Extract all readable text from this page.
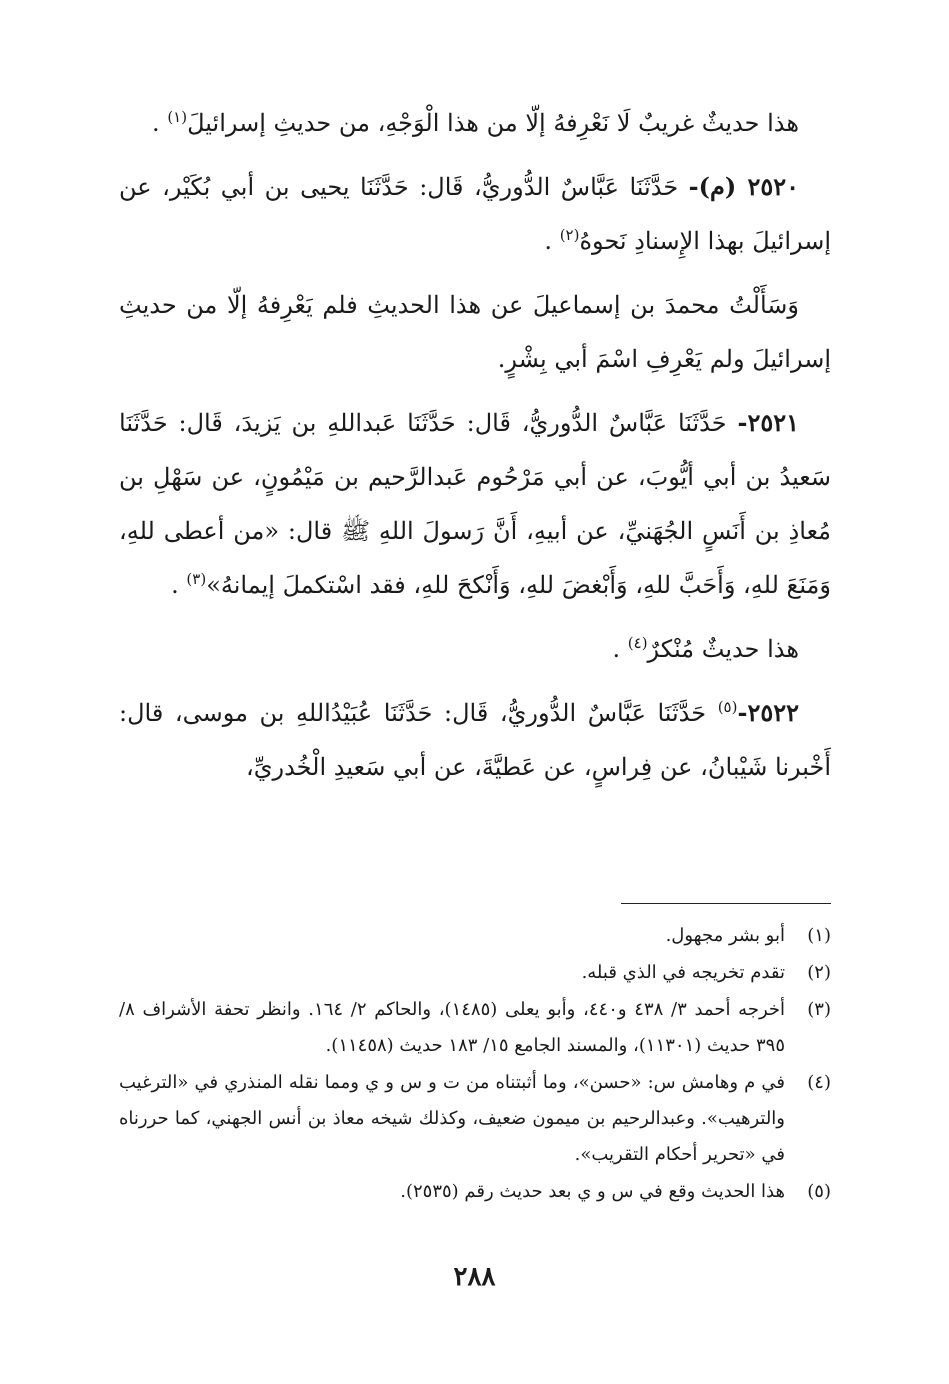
هذا حديثٌ غريبٌ لَا نَعْرِفهُ إلّا من هذا الْوَجْهِ، من حديثِ إسرائيلَ$^{(١)}$ .

٢٥٢٠ (م)- حَدَّثَنَا عَبَّاسٌ الدُّوريُّ، قَال: حَدَّثَنَا يحيى بن أبي بُكَيْر، عن إسرائيلَ بهذا الإِسنادِ نَحوهُ$^{(٢)}$ .

وَسَأَلْتُ محمدَ بن إسماعيلَ عن هذا الحديثِ فلم يَعْرِفهُ إلّا من حديثِ إسرائيلَ ولم يَعْرِفِ اسْمَ أبي بِشْرٍ.

٢٥٢١- حَدَّثَنَا عَبَّاسٌ الدُّوريُّ، قَال: حَدَّثَنَا عَبداللهِ بن يَزيدَ، قَال: حَدَّثَنَا سَعيدُ بن أبي أيُّوبَ، عن أبي مَرْحُوم عَبدالرَّحيم بن مَيْمُونٍ، عن سَهْلِ بن مُعاذِ بن أَنَسٍ الجُهَنيِّ، عن أبيهِ، أَنَّ رَسولَ اللهِ ﷺ قال: «من أعطى للهِ، وَمَنَعَ للهِ، وَأَحَبَّ للهِ، وَأَبْغضَ للهِ، وَأَنْكحَ للهِ، فقد اسْتكملَ إيمانهُ»$^{(٣)}$ .

هذا حديثٌ مُنْكرٌ$^{(٤)}$ .

٢٥٢٢-$^{(٥)}$ حَدَّثَنَا عَبَّاسٌ الدُّوريُّ، قَال: حَدَّثَنَا عُبَيْدُاللهِ بن موسى، قال: أَخْبرنا شَيْبانُ، عن فِراسٍ، عن عَطيَّةَ، عن أبي سَعيدِ الْخُدريِّ،

(١)
أبو بشر مجهول.
(٢)
تقدم تخريجه في الذي قبله.
(٣)
أخرجه أحمد ٣/ ٤٣٨ و٤٤٠، وأبو يعلى (١٤٨٥)، والحاكم ٢/ ١٦٤. وانظر تحفة الأشراف ٨/ ٣٩٥ حديث (١١٣٠١)، والمسند الجامع ١٥/ ١٨٣ حديث (١١٤٥٨).
(٤)
في م وهامش س: «حسن»، وما أثبتناه من ت و س و ي ومما نقله المنذري في «الترغيب والترهيب». وعبدالرحيم بن ميمون ضعيف، وكذلك شيخه معاذ بن أنس الجهني، كما حررناه في «تحرير أحكام التقريب».
(٥)
هذا الحديث وقع في س و ي بعد حديث رقم (٢٥٣٥).
٢٨٨
